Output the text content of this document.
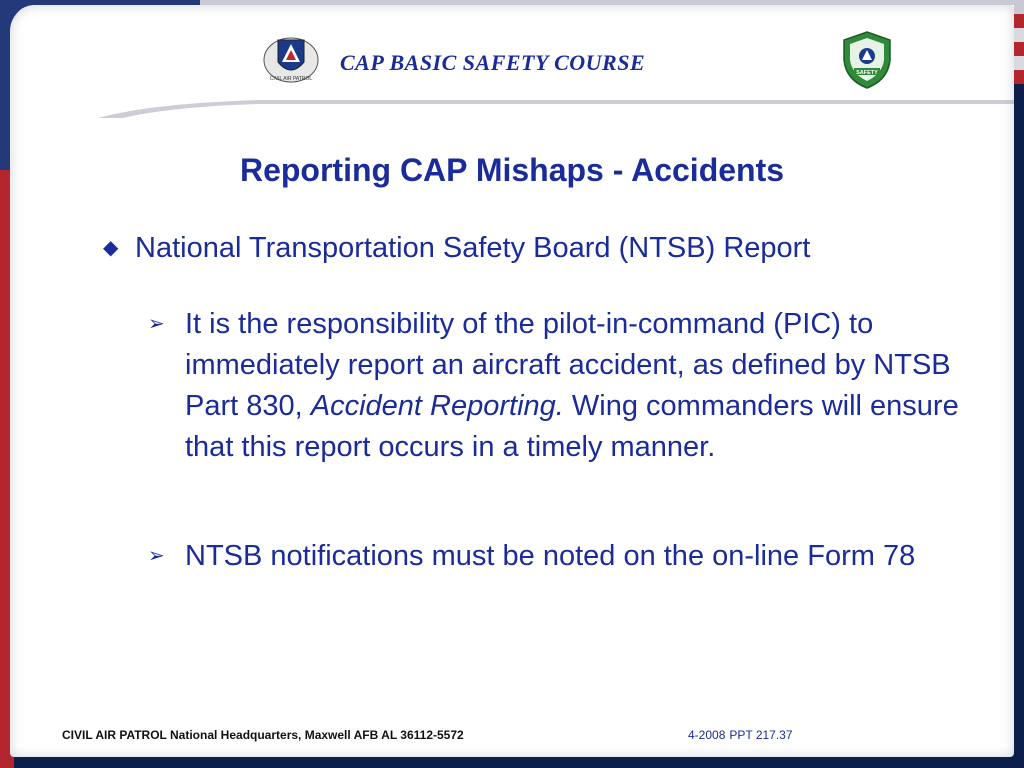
CIVIL AIR PATROL
CAP BASIC SAFETY COURSE	SAFETY
Reporting CAP Mishaps - Accidents
◆ National Transportation Safety Board (NTSB) Report
➢ It is the responsibility of the pilot-in-command (PIC) to immediately report an aircraft accident, as defined by NTSB Part 830, Accident Reporting. Wing commanders will ensure that this report occurs in a timely manner.
➢ NTSB notifications must be noted on the on-line Form 78
CIVIL AIR PATROL National Headquarters, Maxwell AFB AL 36112-5572	4-2008 PPT 217.37
